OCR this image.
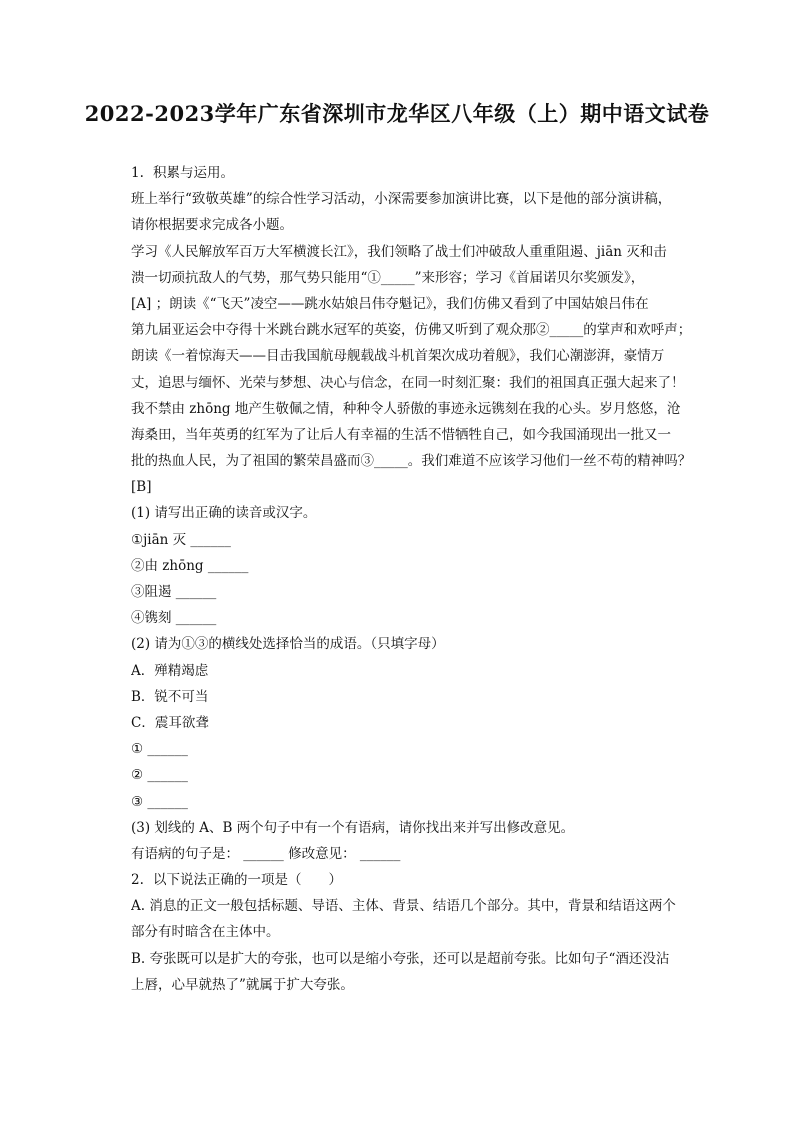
2022-2023学年广东省深圳市龙华区八年级（上）期中语文试卷
1. 积累与运用。
班上举行“致敬英雄”的综合性学习活动，小深需要参加演讲比赛，以下是他的部分演讲稿，
请你根据要求完成各小题。
学习《人民解放军百万大军横渡长江》，我们领略了战士们冲破敌人重重阻遏、jiān 灭和击
溃一切顽抗敌人的气势，那气势只能用“①_____”来形容；学习《首届诺贝尔奖颁发》，
[A] ；朗读《“飞天”凌空——跳水姑娘吕伟夺魁记》，我们仿佛又看到了中国姑娘吕伟在
第九届亚运会中夺得十米跳台跳水冠军的英姿，仿佛又听到了观众那②_____的掌声和欢呼声；
朗读《一着惊海天——目击我国航母舰载战斗机首架次成功着舰》，我们心潮澎湃，豪情万
丈，追思与缅怀、光荣与梦想、决心与信念，在同一时刻汇聚：我们的祖国真正强大起来了！
我不禁由 zhōng 地产生敬佩之情，种种令人骄傲的事迹永远镌刻在我的心头。岁月悠悠，沧
海桑田，当年英勇的红军为了让后人有幸福的生活不惜牺牲自己，如今我国涌现出一批又一
批的热血人民，为了祖国的繁荣昌盛而③_____。我们难道不应该学习他们一丝不苟的精神吗？
[B]
(1) 请写出正确的读音或汉字。
①jiān 灭 ______
②由 zhōng ______
③阻遏 ______
④镌刻 ______
(2) 请为①③的横线处选择恰当的成语。（只填字母）
A．殚精竭虑
B．锐不可当
C．震耳欲聋
① ______
② ______
③ ______
(3) 划线的 A、B 两个句子中有一个有语病，请你找出来并写出修改意见。
有语病的句子是： ______ 修改意见： ______
2. 以下说法正确的一项是（　　）
A. 消息的正文一般包括标题、导语、主体、背景、结语几个部分。其中，背景和结语这两个
部分有时暗含在主体中。
B. 夸张既可以是扩大的夸张，也可以是缩小夸张，还可以是超前夸张。比如句子“酒还没沾
上唇，心早就热了”就属于扩大夸张。
